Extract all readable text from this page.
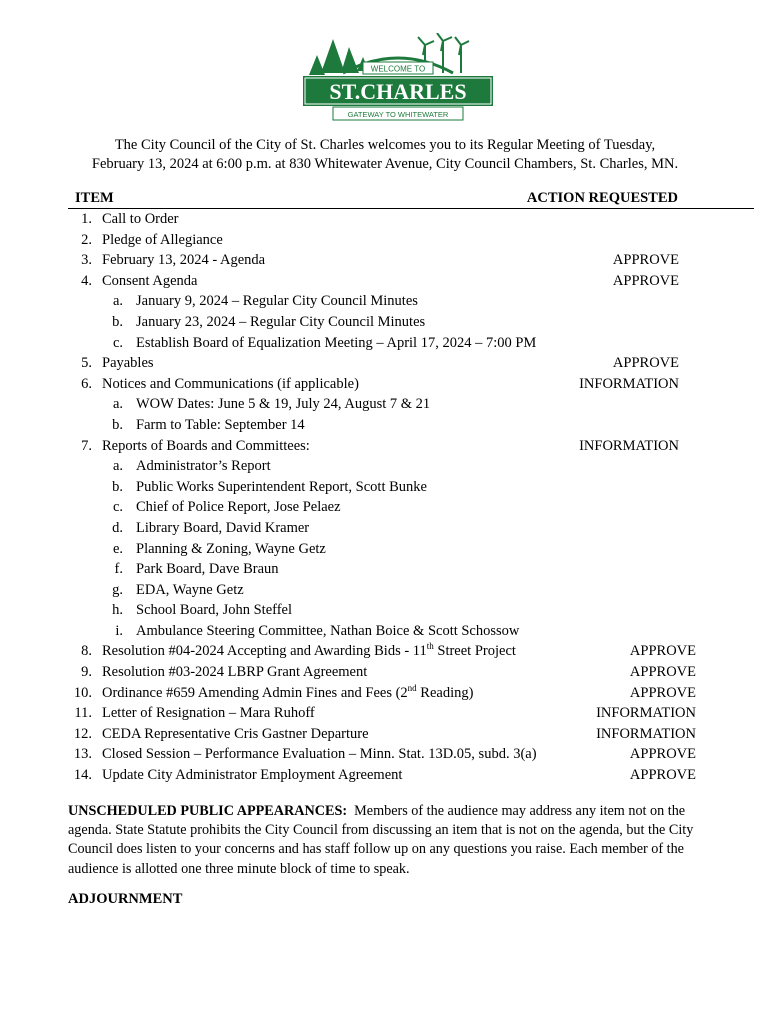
WELCOME TO
ST.CHARLES
GATEWAY TO WHITEWATER
The City Council of the City of St. Charles welcomes you to its Regular Meeting of Tuesday,
February 13, 2024 at 6:00 p.m. at 830 Whitewater Avenue, City Council Chambers, St. Charles, MN.
ITEM	ACTION REQUESTED
1. Call to Order
2. Pledge of Allegiance
3. February 13, 2024 - Agenda	APPROVE
4. Consent Agenda	APPROVE
a. January 9, 2024 – Regular City Council Minutes
b. January 23, 2024 – Regular City Council Minutes
c. Establish Board of Equalization Meeting – April 17, 2024 – 7:00 PM
5. Payables	APPROVE
6. Notices and Communications (if applicable)	INFORMATION
a. WOW Dates: June 5 & 19, July 24, August 7 & 21
b. Farm to Table: September 14
7. Reports of Boards and Committees:	INFORMATION
a. Administrator’s Report
b. Public Works Superintendent Report, Scott Bunke
c. Chief of Police Report, Jose Pelaez
d. Library Board, David Kramer
e. Planning & Zoning, Wayne Getz
f. Park Board, Dave Braun
g. EDA, Wayne Getz
h. School Board, John Steffel
i. Ambulance Steering Committee, Nathan Boice & Scott Schossow
8. Resolution #04-2024 Accepting and Awarding Bids - 11th Street Project	APPROVE
9. Resolution #03-2024 LBRP Grant Agreement	APPROVE
10. Ordinance #659 Amending Admin Fines and Fees (2nd Reading)	APPROVE
11. Letter of Resignation – Mara Ruhoff	INFORMATION
12. CEDA Representative Cris Gastner Departure	INFORMATION
13. Closed Session – Performance Evaluation – Minn. Stat. 13D.05, subd. 3(a)	APPROVE
14. Update City Administrator Employment Agreement	APPROVE
UNSCHEDULED PUBLIC APPEARANCES: Members of the audience may address any item not on the agenda. State Statute prohibits the City Council from discussing an item that is not on the agenda, but the City Council does listen to your concerns and has staff follow up on any questions you raise. Each member of the audience is allotted one three minute block of time to speak.
ADJOURNMENT
